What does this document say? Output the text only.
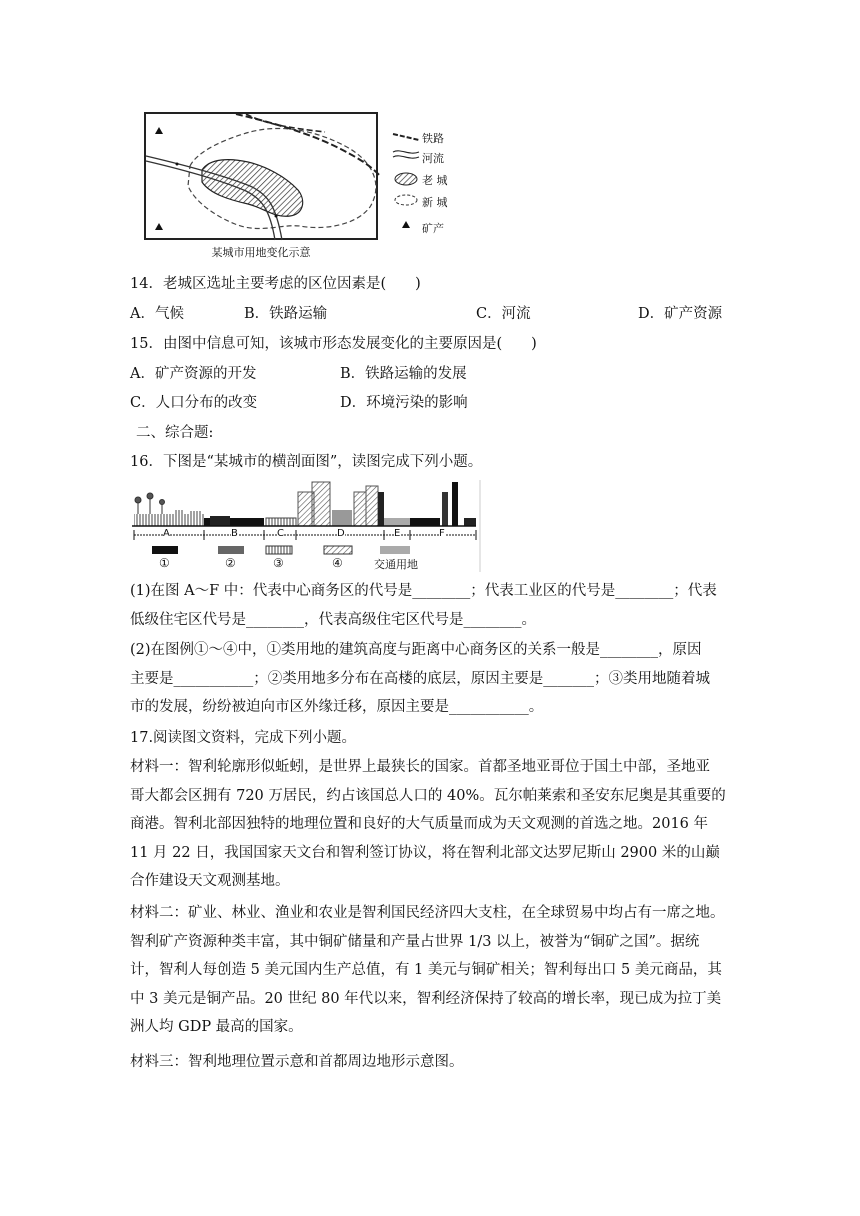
某城市用地变化示意
铁路
河流
老 城
新 城
矿产
14．老城区选址主要考虑的区位因素是(　　)
A．气候	B．铁路运输	C．河流	D．矿产资源
15．由图中信息可知，该城市形态发展变化的主要原因是(　　)
A．矿产资源的开发	B．铁路运输的发展
C．人口分布的改变	D．环境污染的影响
二、综合题:
16．下图是“某城市的横剖面图”，读图完成下列小题。
A	B	C	D	E	F
①	②	③	④	交通用地
(1)在图 A～F 中：代表中心商务区的代号是________；代表工业区的代号是________；代表
低级住宅区代号是________，代表高级住宅区代号是________。
(2)在图例①～④中，①类用地的建筑高度与距离中心商务区的关系一般是________，原因
主要是___________；②类用地多分布在高楼的底层，原因主要是_______；③类用地随着城
市的发展，纷纷被迫向市区外缘迁移，原因主要是___________。
17.阅读图文资料，完成下列小题。
材料一：智利轮廓形似蚯蚓，是世界上最狭长的国家。首都圣地亚哥位于国土中部，圣地亚
哥大都会区拥有 720 万居民，约占该国总人口的 40%。瓦尔帕莱索和圣安东尼奥是其重要的
商港。智利北部因独特的地理位置和良好的大气质量而成为天文观测的首选之地。2016 年
11 月 22 日，我国国家天文台和智利签订协议，将在智利北部文达罗尼斯山 2900 米的山巅
合作建设天文观测基地。
材料二：矿业、林业、渔业和农业是智利国民经济四大支柱，在全球贸易中均占有一席之地。
智利矿产资源种类丰富，其中铜矿储量和产量占世界 1/3 以上，被誉为“铜矿之国”。据统
计，智利人每创造 5 美元国内生产总值，有 1 美元与铜矿相关；智利每出口 5 美元商品，其
中 3 美元是铜产品。20 世纪 80 年代以来，智利经济保持了较高的增长率，现已成为拉丁美
洲人均 GDP 最高的国家。
材料三：智利地理位置示意和首都周边地形示意图。
